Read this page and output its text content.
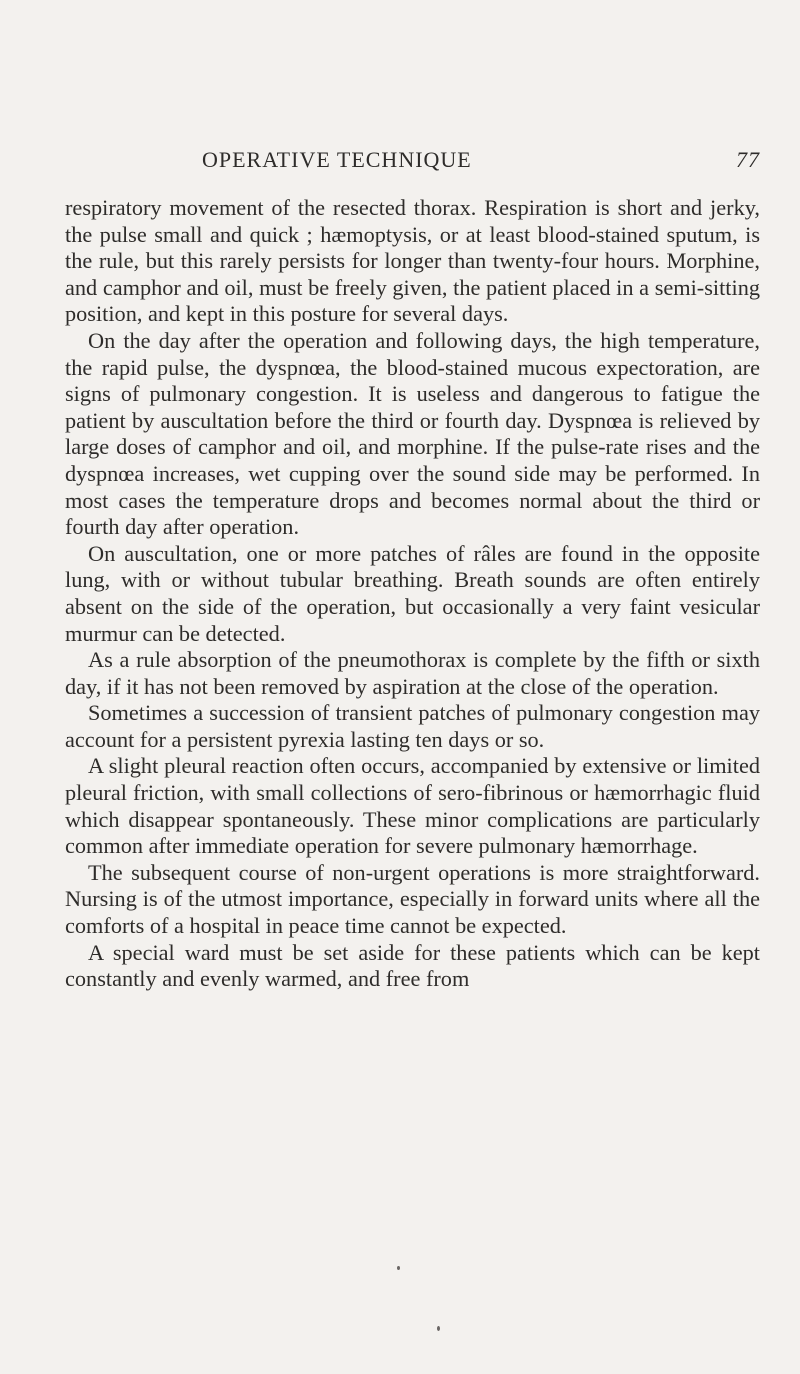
OPERATIVE TECHNIQUE	77

respiratory movement of the resected thorax. Respiration is short and jerky, the pulse small and quick ; hæmoptysis, or at least blood-stained sputum, is the rule, but this rarely persists for longer than twenty-four hours. Morphine, and camphor and oil, must be freely given, the patient placed in a semi-sitting position, and kept in this posture for several days.

On the day after the operation and following days, the high temperature, the rapid pulse, the dyspnœa, the blood-stained mucous expectoration, are signs of pulmonary congestion. It is useless and dangerous to fatigue the patient by auscultation before the third or fourth day. Dyspnœa is relieved by large doses of camphor and oil, and morphine. If the pulse-rate rises and the dyspnœa increases, wet cupping over the sound side may be performed. In most cases the temperature drops and becomes normal about the third or fourth day after operation.

On auscultation, one or more patches of râles are found in the opposite lung, with or without tubular breathing. Breath sounds are often entirely absent on the side of the operation, but occasionally a very faint vesicular murmur can be detected.

As a rule absorption of the pneumothorax is complete by the fifth or sixth day, if it has not been removed by aspiration at the close of the operation.

Sometimes a succession of transient patches of pulmonary congestion may account for a persistent pyrexia lasting ten days or so.

A slight pleural reaction often occurs, accompanied by extensive or limited pleural friction, with small collections of sero-fibrinous or hæmorrhagic fluid which disappear spontaneously. These minor complications are particularly common after immediate operation for severe pulmonary hæmorrhage.

The subsequent course of non-urgent operations is more straightforward. Nursing is of the utmost importance, especially in forward units where all the comforts of a hospital in peace time cannot be expected.

A special ward must be set aside for these patients which can be kept constantly and evenly warmed, and free from
